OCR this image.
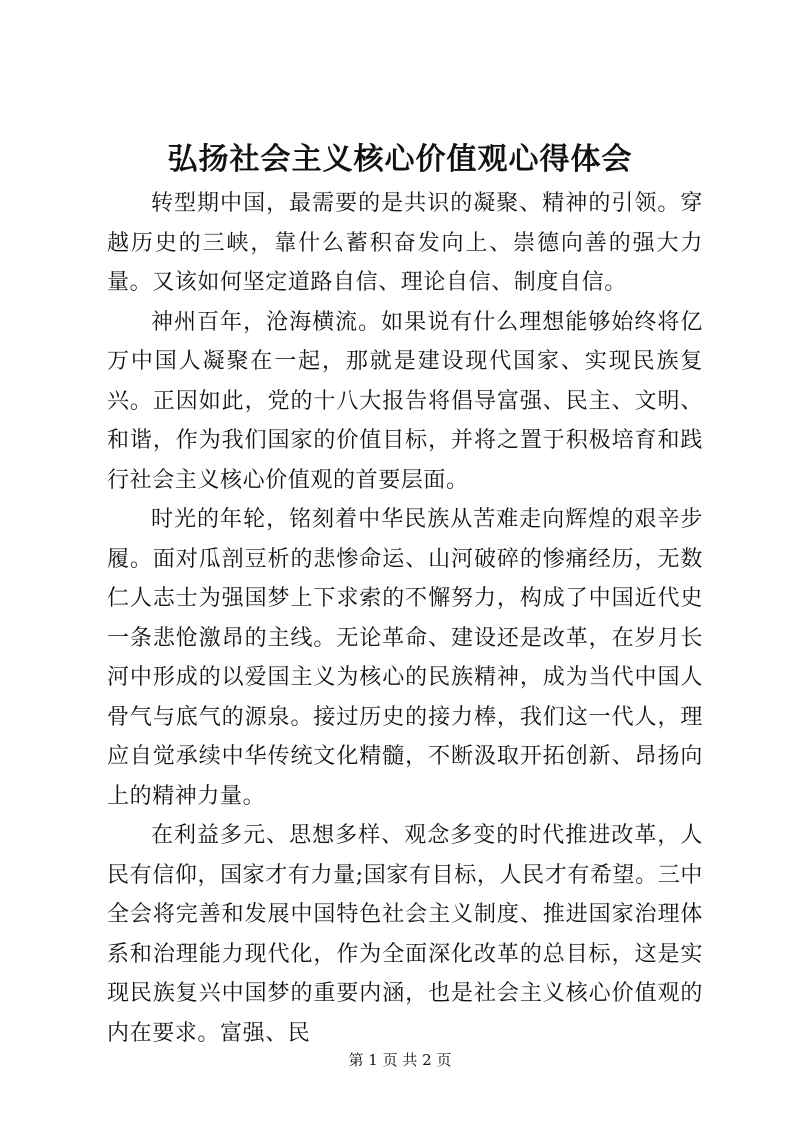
弘扬社会主义核心价值观心得体会

转型期中国，最需要的是共识的凝聚、精神的引领。穿越历史的三峡，靠什么蓄积奋发向上、崇德向善的强大力量。又该如何坚定道路自信、理论自信、制度自信。

神州百年，沧海横流。如果说有什么理想能够始终将亿万中国人凝聚在一起，那就是建设现代国家、实现民族复兴。正因如此，党的十八大报告将倡导富强、民主、文明、和谐，作为我们国家的价值目标，并将之置于积极培育和践行社会主义核心价值观的首要层面。

时光的年轮，铭刻着中华民族从苦难走向辉煌的艰辛步履。面对瓜剖豆析的悲惨命运、山河破碎的惨痛经历，无数仁人志士为强国梦上下求索的不懈努力，构成了中国近代史一条悲怆激昂的主线。无论革命、建设还是改革，在岁月长河中形成的以爱国主义为核心的民族精神，成为当代中国人骨气与底气的源泉。接过历史的接力棒，我们这一代人，理应自觉承续中华传统文化精髓，不断汲取开拓创新、昂扬向上的精神力量。

在利益多元、思想多样、观念多变的时代推进改革，人民有信仰，国家才有力量;国家有目标，人民才有希望。三中全会将完善和发展中国特色社会主义制度、推进国家治理体系和治理能力现代化，作为全面深化改革的总目标，这是实现民族复兴中国梦的重要内涵，也是社会主义核心价值观的内在要求。富强、民

第 1 页 共 2 页
